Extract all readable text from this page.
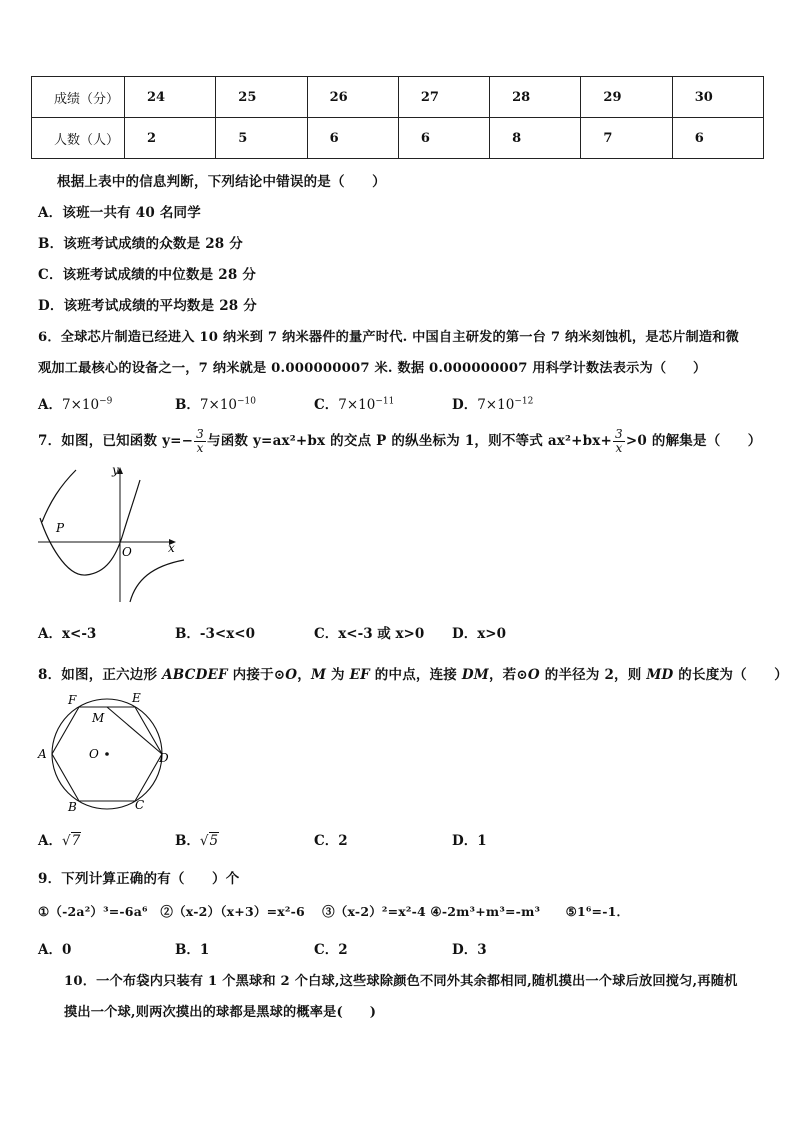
成绩（分）	24	25	26	27	28	29	30
人数（人）	2	5	6	6	8	7	6
根据上表中的信息判断，下列结论中错误的是（　　）
A．该班一共有 40 名同学
B．该班考试成绩的众数是 28 分
C．该班考试成绩的中位数是 28 分
D．该班考试成绩的平均数是 28 分
6．全球芯片制造已经进入 10 纳米到 7 纳米器件的量产时代. 中国自主研发的第一台 7 纳米刻蚀机，是芯片制造和微
观加工最核心的设备之一，7 纳米就是 0.000000007 米. 数据 0.000000007 用科学计数法表示为（　　）
A．$7\times 10^{-9}$	B．$7\times 10^{-10}$	C．$7\times 10^{-11}$	D．$7\times 10^{-12}$
7．如图，已知函数 $y=- \frac{3}{x}$ 与函数 y=ax²+bx 的交点 P 的纵坐标为 1，则不等式 $ax^2+bx+ \frac{3}{x} >0$ 的解集是（　　）
y
x
O
P
A．x<-3	B．-3<x<0	C．x<-3 或 x>0 D．x>0
8．如图，正六边形 ABCDEF 内接于⊙O，M 为 EF 的中点，连接 DM，若⊙O 的半径为 2，则 MD 的长度为（　　）
F	E
M
A	O	D
B	C
A．√7	B．√5	C．2	D．1
9．下列计算正确的有（　　）个
①（-2a²）³=-6a⁶　②（x-2）（x+3）=x²-6　 ③（x-2）²=x²-4 ④-2m³+m³=-m³　　⑤1⁶=-1．
A．0	B．1	C．2	D．3
10．一个布袋内只装有 1 个黑球和 2 个白球,这些球除颜色不同外其余都相同,随机摸出一个球后放回搅匀,再随机
摸出一个球,则两次摸出的球都是黑球的概率是(　　)
